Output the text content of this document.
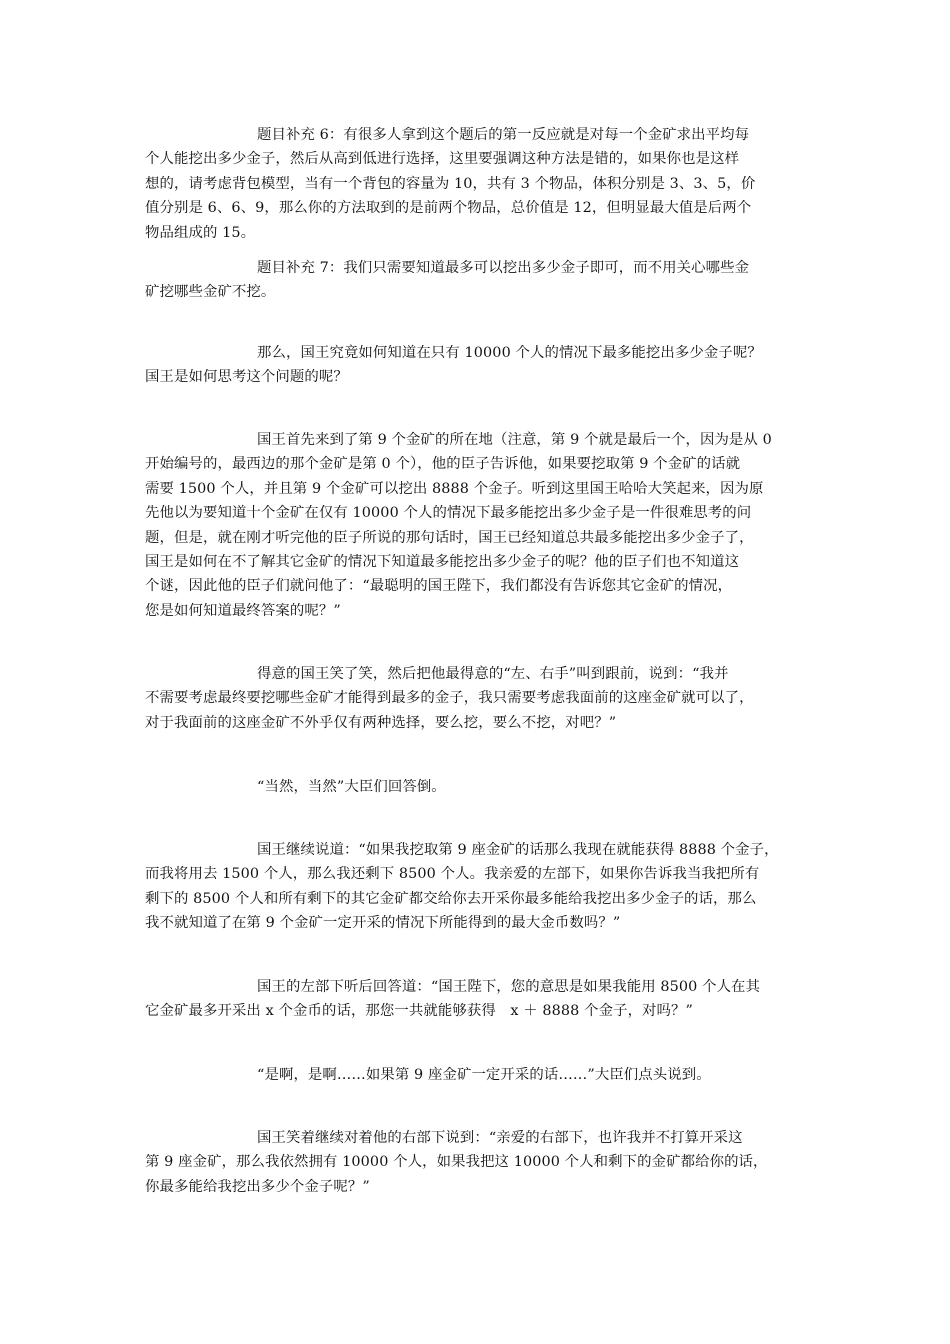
题目补充 6：有很多人拿到这个题后的第一反应就是对每一个金矿求出平均每
个人能挖出多少金子，然后从高到低进行选择，这里要强调这种方法是错的，如果你也是这样
想的，请考虑背包模型，当有一个背包的容量为 10，共有 3 个物品，体积分别是 3、3、5，价
值分别是 6、6、9，那么你的方法取到的是前两个物品，总价值是 12，但明显最大值是后两个
物品组成的 15。
题目补充 7：我们只需要知道最多可以挖出多少金子即可，而不用关心哪些金
矿挖哪些金矿不挖。
那么，国王究竟如何知道在只有 10000 个人的情况下最多能挖出多少金子呢？
国王是如何思考这个问题的呢？
国王首先来到了第 9 个金矿的所在地（注意，第 9 个就是最后一个，因为是从 0
开始编号的，最西边的那个金矿是第 0 个），他的臣子告诉他，如果要挖取第 9 个金矿的话就
需要 1500 个人，并且第 9 个金矿可以挖出 8888 个金子。听到这里国王哈哈大笑起来，因为原
先他以为要知道十个金矿在仅有 10000 个人的情况下最多能挖出多少金子是一件很难思考的问
题，但是，就在刚才听完他的臣子所说的那句话时，国王已经知道总共最多能挖出多少金子了，
国王是如何在不了解其它金矿的情况下知道最多能挖出多少金子的呢？他的臣子们也不知道这
个谜，因此他的臣子们就问他了：“最聪明的国王陛下，我们都没有告诉您其它金矿的情况，
您是如何知道最终答案的呢？”
得意的国王笑了笑，然后把他最得意的“左、右手”叫到跟前，说到：“我并
不需要考虑最终要挖哪些金矿才能得到最多的金子，我只需要考虑我面前的这座金矿就可以了，
对于我面前的这座金矿不外乎仅有两种选择，要么挖，要么不挖，对吧？”
“当然，当然”大臣们回答倒。
国王继续说道：“如果我挖取第 9 座金矿的话那么我现在就能获得 8888 个金子，
而我将用去 1500 个人，那么我还剩下 8500 个人。我亲爱的左部下，如果你告诉我当我把所有
剩下的 8500 个人和所有剩下的其它金矿都交给你去开采你最多能给我挖出多少金子的话，那么
我不就知道了在第 9 个金矿一定开采的情况下所能得到的最大金币数吗？”
国王的左部下听后回答道：“国王陛下，您的意思是如果我能用 8500 个人在其
它金矿最多开采出 x 个金币的话，那您一共就能够获得　x ＋ 8888 个金子，对吗？”
“是啊，是啊……如果第 9 座金矿一定开采的话……”大臣们点头说到。
国王笑着继续对着他的右部下说到：“亲爱的右部下，也许我并不打算开采这
第 9 座金矿，那么我依然拥有 10000 个人，如果我把这 10000 个人和剩下的金矿都给你的话，
你最多能给我挖出多少个金子呢？”
